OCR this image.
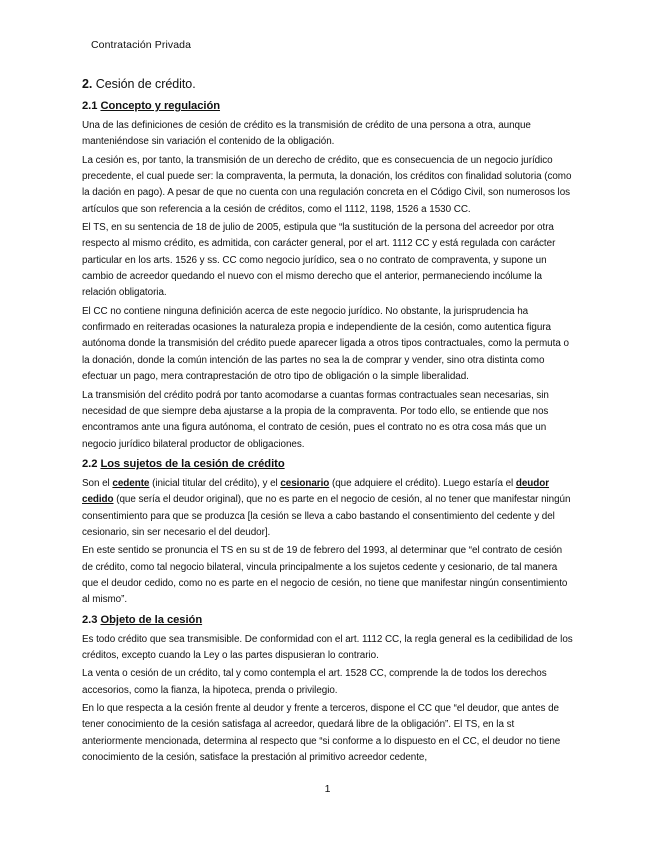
Contratación Privada
2. Cesión de crédito.
2.1 Concepto y regulación

Una de las definiciones de cesión de crédito es la transmisión de crédito de una persona a otra, aunque manteniéndose sin variación el contenido de la obligación.

La cesión es, por tanto, la transmisión de un derecho de crédito, que es consecuencia de un negocio jurídico precedente, el cual puede ser: la compraventa, la permuta, la donación, los créditos con finalidad solutoria (como la dación en pago). A pesar de que no cuenta con una regulación concreta en el Código Civil, son numerosos los artículos que son referencia a la cesión de créditos, como el 1112, 1198, 1526 a 1530 CC.

El TS, en su sentencia de 18 de julio de 2005, estipula que “la sustitución de la persona del acreedor por otra respecto al mismo crédito, es admitida, con carácter general, por el art. 1112 CC y está regulada con carácter particular en los arts. 1526 y ss. CC como negocio jurídico, sea o no contrato de compraventa, y supone un cambio de acreedor quedando el nuevo con el mismo derecho que el anterior, permaneciendo incólume la relación obligatoria.

El CC no contiene ninguna definición acerca de este negocio jurídico. No obstante, la jurisprudencia ha confirmado en reiteradas ocasiones la naturaleza propia e independiente de la cesión, como autentica figura autónoma donde la transmisión del crédito puede aparecer ligada a otros tipos contractuales, como la permuta o la donación, donde la común intención de las partes no sea la de comprar y vender, sino otra distinta como efectuar un pago, mera contraprestación de otro tipo de obligación o la simple liberalidad.

La transmisión del crédito podrá por tanto acomodarse a cuantas formas contractuales sean necesarias, sin necesidad de que siempre deba ajustarse a la propia de la compraventa. Por todo ello, se entiende que nos encontramos ante una figura autónoma, el contrato de cesión, pues el contrato no es otra cosa más que un negocio jurídico bilateral productor de obligaciones.

2.2 Los sujetos de la cesión de crédito

Son el cedente (inicial titular del crédito), y el cesionario (que adquiere el crédito). Luego estaría el deudor cedido (que sería el deudor original), que no es parte en el negocio de cesión, al no tener que manifestar ningún consentimiento para que se produzca [la cesión se lleva a cabo bastando el consentimiento del cedente y del cesionario, sin ser necesario el del deudor].

En este sentido se pronuncia el TS en su st de 19 de febrero del 1993, al determinar que “el contrato de cesión de crédito, como tal negocio bilateral, vincula principalmente a los sujetos cedente y cesionario, de tal manera que el deudor cedido, como no es parte en el negocio de cesión, no tiene que manifestar ningún consentimiento al mismo”.

2.3 Objeto de la cesión

Es todo crédito que sea transmisible. De conformidad con el art. 1112 CC, la regla general es la cedibilidad de los créditos, excepto cuando la Ley o las partes dispusieran lo contrario.

La venta o cesión de un crédito, tal y como contempla el art. 1528 CC, comprende la de todos los derechos accesorios, como la fianza, la hipoteca, prenda o privilegio.

En lo que respecta a la cesión frente al deudor y frente a terceros, dispone el CC que “el deudor, que antes de tener conocimiento de la cesión satisfaga al acreedor, quedará libre de la obligación”. El TS, en la st anteriormente mencionada, determina al respecto que “si conforme a lo dispuesto en el CC, el deudor no tiene conocimiento de la cesión, satisface la prestación al primitivo acreedor cedente,

1
